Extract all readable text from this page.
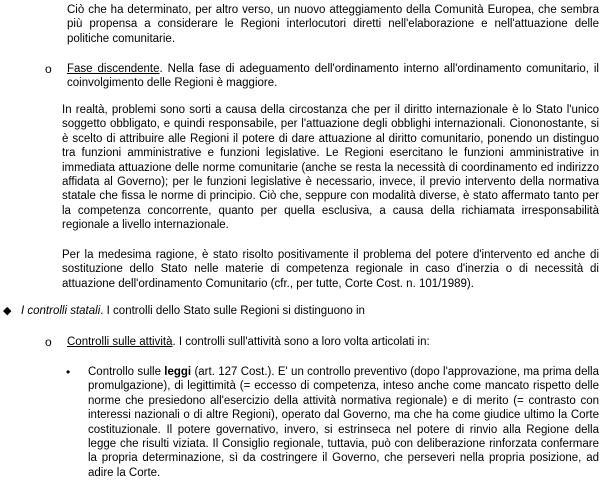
Ciò che ha determinato, per altro verso, un nuovo atteggiamento della Comunità Europea, che sembra più propensa a considerare le Regioni interlocutori diretti nell'elaborazione e nell'attuazione delle politiche comunitarie.

o Fase discendente. Nella fase di adeguamento dell'ordinamento interno all'ordinamento comunitario, il coinvolgimento delle Regioni è maggiore.

In realtà, problemi sono sorti a causa della circostanza che per il diritto internazionale è lo Stato l'unico soggetto obbligato, e quindi responsabile, per l'attuazione degli obblighi internazionali. Ciononostante, si è scelto di attribuire alle Regioni il potere di dare attuazione al diritto comunitario, ponendo un distinguo tra funzioni amministrative e funzioni legislative. Le Regioni esercitano le funzioni amministrative in immediata attuazione delle norme comunitarie (anche se resta la necessità di coordinamento ed indirizzo affidata al Governo); per le funzioni legislative è necessario, invece, il previo intervento della normativa statale che fissa le norme di principio. Ciò che, seppure con modalità diverse, è stato affermato tanto per la competenza concorrente, quanto per quella esclusiva, a causa della richiamata irresponsabilità regionale a livello internazionale.

Per la medesima ragione, è stato risolto positivamente il problema del potere d'intervento ed anche di sostituzione dello Stato nelle materie di competenza regionale in caso d'inerzia o di necessità di attuazione dell'ordinamento Comunitario (cfr., per tutte, Corte Cost. n. 101/1989).

◆ I controlli statali. I controlli dello Stato sulle Regioni si distinguono in

o Controlli sulle attività. I controlli sull'attività sono a loro volta articolati in:

• Controllo sulle leggi (art. 127 Cost.). E' un controllo preventivo (dopo l'approvazione, ma prima della promulgazione), di legittimità (= eccesso di competenza, inteso anche come mancato rispetto delle norme che presiedono all'esercizio della attività normativa regionale) e di merito (= contrasto con interessi nazionali o di altre Regioni), operato dal Governo, ma che ha come giudice ultimo la Corte costituzionale. Il potere governativo, invero, si estrinseca nel potere di rinvio alla Regione della legge che risulti viziata. Il Consiglio regionale, tuttavia, può con deliberazione rinforzata confermare la propria determinazione, sì da costringere il Governo, che perseveri nella propria posizione, ad adire la Corte.
